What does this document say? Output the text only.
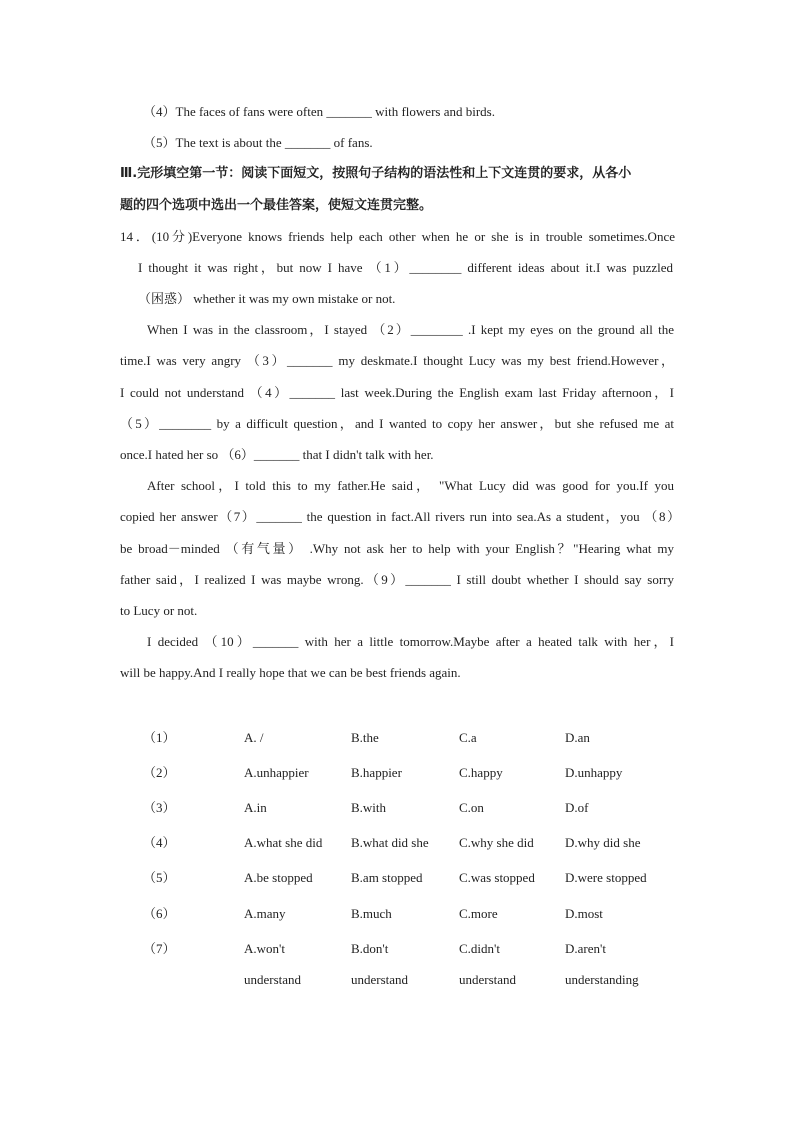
（4）The faces of fans were often _______ with flowers and birds.
（5）The text is about the _______ of fans.
Ⅲ.完形填空第一节：阅读下面短文，按照句子结构的语法性和上下文连贯的要求，从各小
题的四个选项中选出一个最佳答案，使短文连贯完整。
14．(10分)Everyone knows friends help each other when he or she is in trouble sometimes.Once
I thought it was right，but now I have （1）________ different ideas about it.I was puzzled
（困惑） whether it was my own mistake or not.
When I was in the classroom，I stayed （2）________ .I kept my eyes on the ground all the
time.I was very angry （3）_______ my deskmate.I thought Lucy was my best friend.However，
I could not understand （4）_______ last week.During the English exam last Friday afternoon，I
（5）________ by a difficult question，and I wanted to copy her answer，but she refused me at
once.I hated her so （6）_______ that I didn't talk with her.
After school，I told this to my father.He said， "What Lucy did was good for you.If you
copied her answer（7）_______ the question in fact.All rivers run into sea.As a student，you （8）
be broad－minded （有气量） .Why not ask her to help with your English？"Hearing what my
father said，I realized I was maybe wrong.（9）_______ I still doubt whether I should say sorry
to Lucy or not.
I decided （10）_______ with her a little tomorrow.Maybe after a heated talk with her，I
will be happy.And I really hope that we can be best friends again.
（1）	A. /	B.the	C.a	D.an
（2）	A.unhappier	B.happier	C.happy	D.unhappy
（3）	A.in	B.with	C.on	D.of
（4）	A.what she did B.what did she C.why she did D.why did she
（5）	A.be stopped	B.am stopped	C.was stopped D.were stopped
（6）	A.many	B.much	C.more	D.most
（7）	A.won't	B.don't	C.didn't	D.aren't
understand	understand	understand	understanding
